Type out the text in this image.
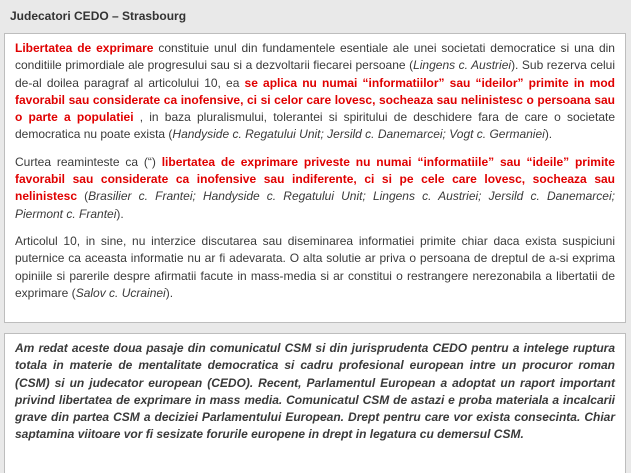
Judecatori CEDO – Strasbourg

Libertatea de exprimare constituie unul din fundamentele esentiale ale unei societati democratice si una din conditiile primordiale ale progresului sau si a dezvoltarii fiecarei persoane (Lingens c. Austriei). Sub rezerva celui de-al doilea paragraf al articolului 10, ea se aplica nu numai “informatiilor” sau “ideilor” primite in mod favorabil sau considerate ca inofensive, ci si celor care lovesc, socheaza sau nelinistesc o persoana sau o parte a populatiei , in baza pluralismului, tolerantei si spiritului de deschidere fara de care o societate democratica nu poate exista (Handyside c. Regatului Unit; Jersild c. Danemarcei; Vogt c. Germaniei).

Curtea reaminteste ca (“) libertatea de exprimare priveste nu numai “informatiile” sau “ideile” primite favorabil sau considerate ca inofensive sau indiferente, ci si pe cele care lovesc, socheaza sau nelinistesc (Brasilier c. Frantei; Handyside c. Regatului Unit; Lingens c. Austriei; Jersild c. Danemarcei; Piermont c. Frantei).

Articolul 10, in sine, nu interzice discutarea sau diseminarea informatiei primite chiar daca exista suspiciuni puternice ca aceasta informatie nu ar fi adevarata. O alta solutie ar priva o persoana de dreptul de a-si exprima opiniile si parerile despre afirmatii facute in mass-media si ar constitui o restrangere nerezonabila a libertatii de exprimare (Salov c. Ucrainei).

Am redat aceste doua pasaje din comunicatul CSM si din jurisprudenta CEDO pentru a intelege ruptura totala in materie de mentalitate democratica si cadru profesional european intre un procuror roman (CSM) si un judecator european (CEDO). Recent, Parlamentul European a adoptat un raport important privind libertatea de exprimare in mass media. Comunicatul CSM de astazi e proba materiala a incalcarii grave din partea CSM a deciziei Parlamentului European. Drept pentru care vor exista consecinta. Chiar saptamina viitoare vor fi sesizate forurile europene in drept in legatura cu demersul CSM.
